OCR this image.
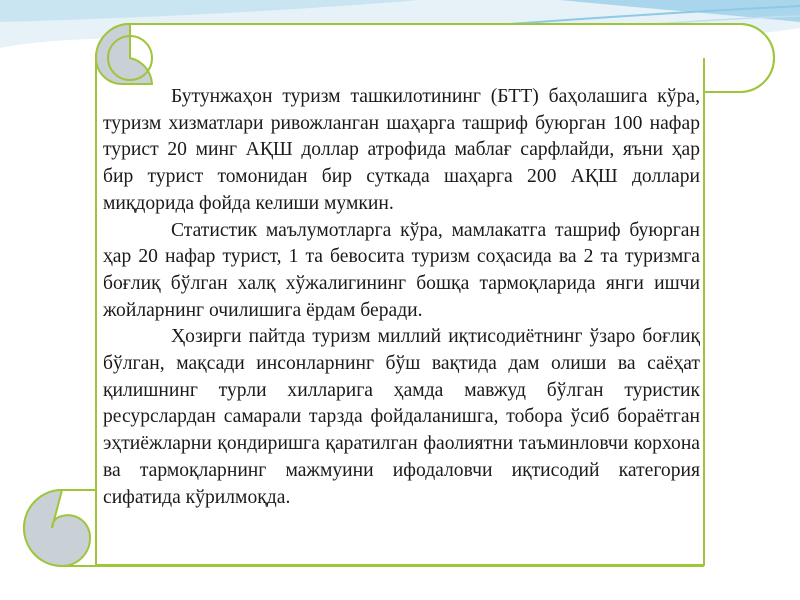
Бутунжаҳон туризм ташкилотининг (БТТ) баҳолашига кўра, туризм хизматлари ривожланган шаҳарга ташриф буюрган 100 нафар турист 20 минг АҚШ доллар атрофида маблағ сарфлайди, яъни ҳар бир турист томонидан бир суткада шаҳарга 200 АҚШ доллари миқдорида фойда келиши мумкин.

Статистик маълумотларга кўра, мамлакатга ташриф буюрган ҳар 20 нафар турист, 1 та бевосита туризм соҳасида ва 2 та туризмга боғлиқ бўлган халқ хўжалигининг бошқа тармоқларида янги ишчи жойларнинг очилишига ёрдам беради.

Ҳозирги пайтда туризм миллий иқтисодиётнинг ўзаро боғлиқ бўлган, мақсади инсонларнинг бўш вақтида дам олиши ва саёҳат қилишнинг турли хилларига ҳамда мавжуд бўлган туристик ресурслардан самарали тарзда фойдаланишга, тобора ўсиб бораётган эҳтиёжларни қондиришга қаратилган фаолиятни таъминловчи корхона ва тармоқларнинг мажмуини ифодаловчи иқтисодий категория сифатида кўрилмоқда.
